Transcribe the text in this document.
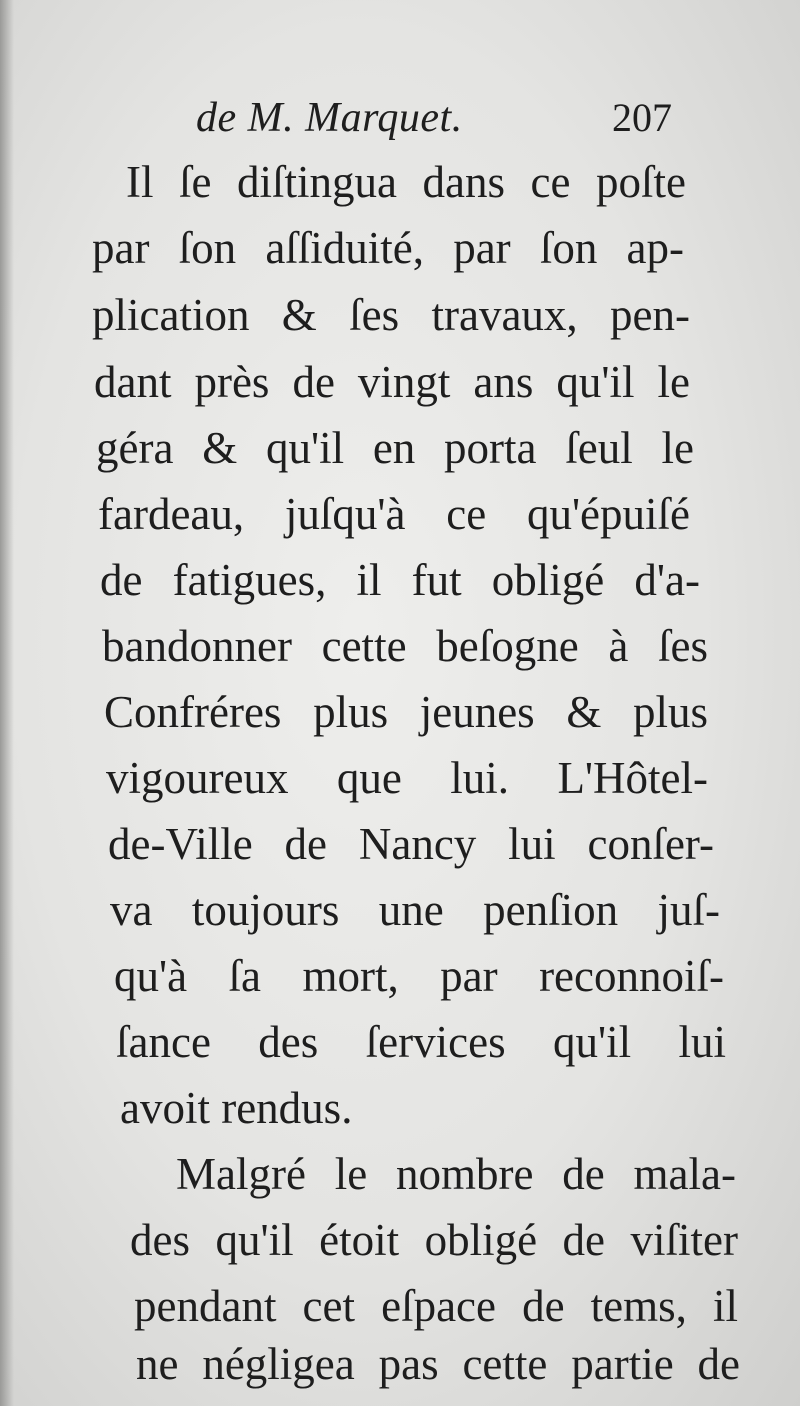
de M. Marquet.	207
Il ſe diſtingua dans ce poſte
par ſon aſſiduité, par ſon ap-
plication & ſes travaux, pen-
dant près de vingt ans qu'il le
géra & qu'il en porta ſeul le
fardeau, juſqu'à ce qu'épuiſé
de fatigues, il fut obligé d'a-
bandonner cette beſogne à ſes
Confréres plus jeunes & plus
vigoureux que lui. L'Hôtel-
de-Ville de Nancy lui conſer-
va toujours une penſion juſ-
qu'à ſa mort, par reconnoiſ-
ſance des ſervices qu'il lui
avoit rendus.
Malgré le nombre de mala-
des qu'il étoit obligé de viſiter
pendant cet eſpace de tems, il
ne négligea pas cette partie de
